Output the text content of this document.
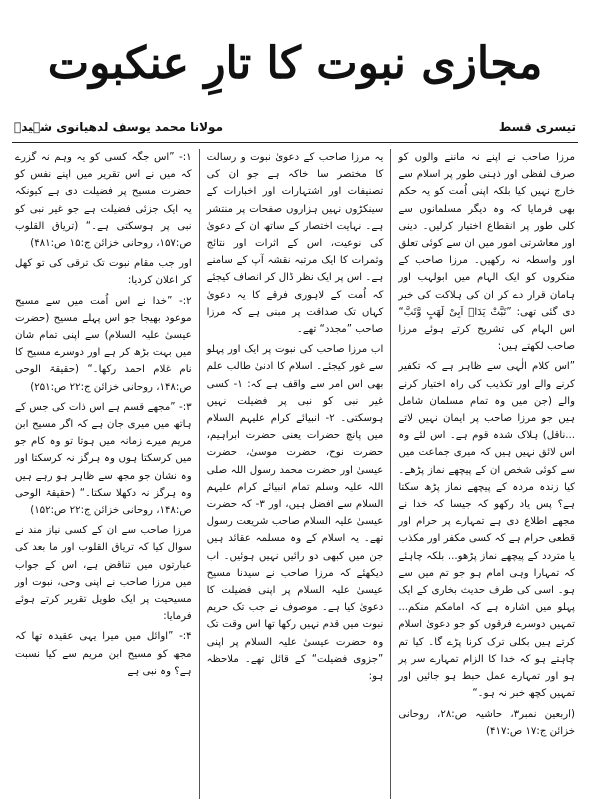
مجازی نبوت کا تارِ عنکبوت
تیسری قسط
مولانا محمد یوسف لدھیانوی شہیدؒ

مرزا صاحب نے اپنے نہ ماننے والوں کو صرف لفظی اور ذہنی طور پر اسلام سے خارج نہیں کیا بلکہ اپنی اُمت کو یہ حکم بھی فرمایا کہ وہ دیگر مسلمانوں سے کلی طور پر انقطاع اختیار کرلیں۔ دینی اور معاشرتی امور میں ان سے کوئی تعلق اور واسطہ نہ رکھیں۔ مرزا صاحب کے منکروں کو ایک الہام میں ابولہب اور ہامان قرار دے کر ان کی ہلاکت کی خبر دی گئی تھی: ”تَبَّتْ یَدَاۤ اَبِیْ لَھَبٍ وَّتَبَّ“ اس الہام کی تشریح کرتے ہوئے مرزا صاحب لکھتے ہیں:

”اس کلام الٰہی سے ظاہر ہے کہ تکفیر کرنے والے اور تکذیب کی راہ اختیار کرنے والے (جن میں وہ تمام مسلمان شامل ہیں جو مرزا صاحب پر ایمان نہیں لاتے ...ناقل) ہلاک شدہ قوم ہے۔ اس لئے وہ اس لائق نہیں ہیں کہ میری جماعت میں سے کوئی شخص ان کے پیچھے نماز پڑھے۔ کیا زندہ مردہ کے پیچھے نماز پڑھ سکتا ہے؟ پس یاد رکھو کہ جیسا کہ خدا نے مجھے اطلاع دی ہے تمہارے پر حرام اور قطعی حرام ہے کہ کسی مکفر اور مکذب یا متردد کے پیچھے نماز پڑھو... بلکہ چاہئے کہ تمہارا وہی امام ہو جو تم میں سے ہو۔ اسی کی طرف حدیث بخاری کے ایک پہلو میں اشارہ ہے کہ امامکم منکم... تمہیں دوسرے فرقوں کو جو دعویٰ اسلام کرتے ہیں بکلی ترک کرنا پڑے گا۔ کیا تم چاہتے ہو کہ خدا کا الزام تمہارے سر پر ہو اور تمہارے عمل حبط ہو جائیں اور تمہیں کچھ خبر نہ ہو۔“

(اربعین نمبر۳، حاشیہ ص:۲۸، روحانی خزائن ج:۱۷ ص:۴۱۷)

یہ مرزا صاحب کے دعویٰ نبوت و رسالت کا مختصر سا خاکہ ہے جو ان کی تصنیفات اور اشتہارات اور اخبارات کے سینکڑوں نہیں ہزاروں صفحات پر منتشر ہے۔ نہایت اختصار کے ساتھ ان کے دعویٰ کی نوعیت، اس کے اثرات اور نتائج وثمرات کا ایک مرتبہ نقشہ آپ کے سامنے ہے۔ اس پر ایک نظر ڈال کر انصاف کیجئے کہ اُمت کے لاہوری فرقے کا یہ دعویٰ کہاں تک صداقت پر مبنی ہے کہ مرزا صاحب ”مجدد“ تھے۔

اب مرزا صاحب کی نبوت پر ایک اور پہلو سے غور کیجئے۔ اسلام کا ادنیٰ طالب علم بھی اس امر سے واقف ہے کہ: ۱- کسی غیر نبی کو نبی پر فضیلت نہیں ہوسکتی۔ ۲- انبیائے کرام علیہم السلام میں پانچ حضرات یعنی حضرت ابراہیم، حضرت نوح، حضرت موسیٰ، حضرت عیسیٰ اور حضرت محمد رسول اللہ صلی اللہ علیہ وسلم تمام انبیائے کرام علیہم السلام سے افضل ہیں، اور ۳- کہ حضرت عیسیٰ علیہ السلام صاحب شریعت رسول تھے۔ یہ اسلام کے وہ مسلمہ عقائد ہیں جن میں کبھی دو رائیں نہیں ہوئیں۔ اب دیکھئے کہ مرزا صاحب نے سیدنا مسیح عیسیٰ علیہ السلام پر اپنی فضیلت کا دعویٰ کیا ہے۔ موصوف نے جب تک حریم نبوت میں قدم نہیں رکھا تھا اس وقت تک وہ حضرت عیسیٰ علیہ السلام پر اپنی ”جزوی فضیلت“ کے قائل تھے۔ ملاحظہ ہو:

۱:- ”اس جگہ کسی کو یہ وہم نہ گزرے کہ میں نے اس تقریر میں اپنے نفس کو حضرت مسیح پر فضیلت دی ہے کیونکہ یہ ایک جزئی فضیلت ہے جو غیر نبی کو نبی پر ہوسکتی ہے۔“ (تریاق القلوب ص:۱۵۷، روحانی خزائن ج:۱۵ ص:۴۸۱)

اور جب مقام نبوت تک ترقی کی تو کھل کر اعلان کردیا:

۲:- ”خدا نے اس اُمت میں سے مسیح موعود بھیجا جو اس پہلے مسیح (حضرت عیسیٰ علیہ السلام) سے اپنی تمام شان میں بہت بڑھ کر ہے اور دوسرے مسیح کا نام غلام احمد رکھا۔“ (حقیقۃ الوحی ص:۱۴۸، روحانی خزائن ج:۲۲ ص:۲۵۱)

۳:- ”مجھے قسم ہے اس ذات کی جس کے ہاتھ میں میری جان ہے کہ اگر مسیح ابن مریم میرے زمانہ میں ہوتا تو وہ کام جو میں کرسکتا ہوں وہ ہرگز نہ کرسکتا اور وہ نشان جو مجھ سے ظاہر ہو رہے ہیں وہ ہرگز نہ دکھلا سکتا۔“ (حقیقۃ الوحی ص:۱۴۸، روحانی خزائن ج:۲۲ ص:۱۵۲)

مرزا صاحب سے ان کے کسی نیاز مند نے سوال کیا کہ تریاق القلوب اور ما بعد کی عبارتوں میں تناقض ہے، اس کے جواب میں مرزا صاحب نے اپنی وحی، نبوت اور مسیحیت پر ایک طویل تقریر کرتے ہوئے فرمایا:

۴:- ”اوائل میں میرا یہی عقیدہ تھا کہ مجھ کو مسیح ابن مریم سے کیا نسبت ہے؟ وہ نبی ہے
